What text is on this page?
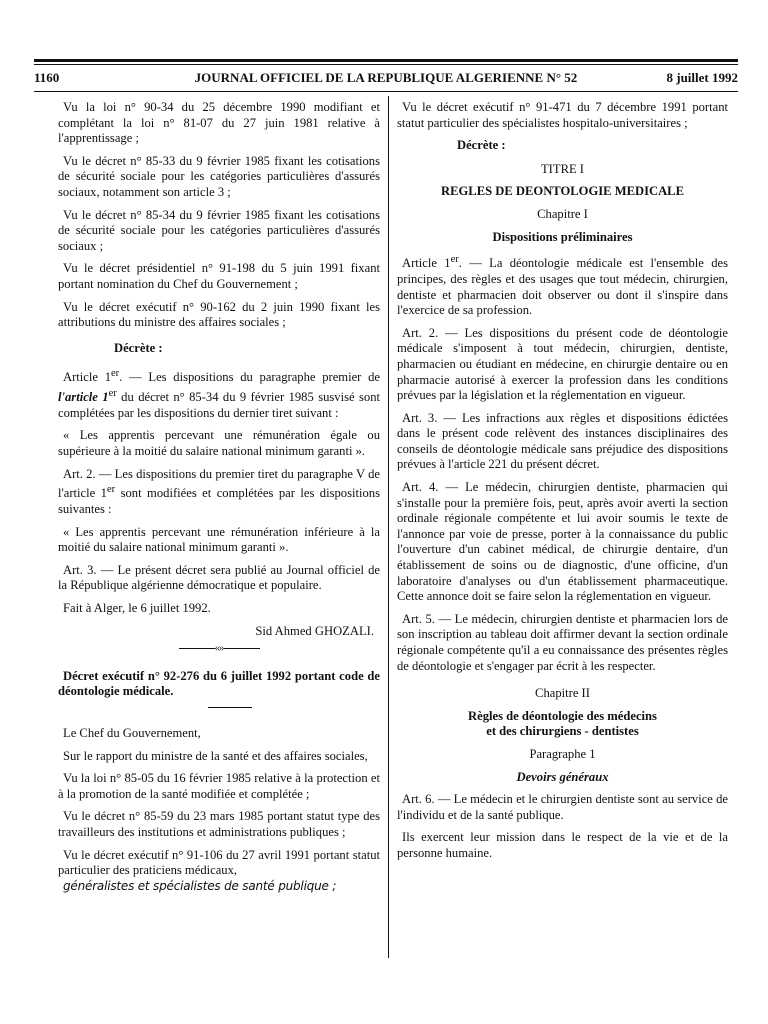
1160	JOURNAL OFFICIEL DE LA REPUBLIQUE ALGERIENNE N° 52	8 juillet 1992

Vu la loi n° 90-34 du 25 décembre 1990 modifiant et complétant la loi n° 81-07 du 27 juin 1981 relative à l'apprentissage ;

Vu le décret n° 85-33 du 9 février 1985 fixant les cotisations de sécurité sociale pour les catégories particulières d'assurés sociaux, notamment son article 3 ;

Vu le décret n° 85-34 du 9 février 1985 fixant les cotisations de sécurité sociale pour les catégories particulières d'assurés sociaux ;

Vu le décret présidentiel n° 91-198 du 5 juin 1991 fixant portant nomination du Chef du Gouvernement ;

Vu le décret exécutif n° 90-162 du 2 juin 1990 fixant les attributions du ministre des affaires sociales ;

Décrète :

Article 1er. — Les dispositions du paragraphe premier de l'article 1er du décret n° 85-34 du 9 février 1985 susvisé sont complétées par les dispositions du dernier tiret suivant :

« Les apprentis percevant une rémunération égale ou supérieure à la moitié du salaire national minimum garanti ».

Art. 2. — Les dispositions du premier tiret du paragraphe V de l'article 1er sont modifiées et complétées par les dispositions suivantes :

« Les apprentis percevant une rémunération inférieure à la moitié du salaire national minimum garanti ».

Art. 3. — Le présent décret sera publié au Journal officiel de la République algérienne démocratique et populaire.

Fait à Alger, le 6 juillet 1992.

Sid Ahmed GHOZALI.
«»

Décret exécutif n° 92-276 du 6 juillet 1992 portant code de déontologie médicale.

Le Chef du Gouvernement,

Sur le rapport du ministre de la santé et des affaires sociales,

Vu la loi n° 85-05 du 16 février 1985 relative à la protection et à la promotion de la santé modifiée et complétée ;

Vu le décret n° 85-59 du 23 mars 1985 portant statut type des travailleurs des institutions et administrations publiques ;

Vu le décret exécutif n° 91-106 du 27 avril 1991 portant statut particulier des praticiens médicaux,

généralistes et spécialistes de santé publique ;

Vu le décret exécutif n° 91-471 du 7 décembre 1991 portant statut particulier des spécialistes hospitalo-universitaires ;

Décrète :
TITRE I
REGLES DE DEONTOLOGIE MEDICALE
Chapitre I
Dispositions préliminaires

Article 1er. — La déontologie médicale est l'ensemble des principes, des règles et des usages que tout médecin, chirurgien, dentiste et pharmacien doit observer ou dont il s'inspire dans l'exercice de sa profession.

Art. 2. — Les dispositions du présent code de déontologie médicale s'imposent à tout médecin, chirurgien, dentiste, pharmacien ou étudiant en médecine, en chirurgie dentaire ou en pharmacie autorisé à exercer la profession dans les conditions prévues par la législation et la réglementation en vigueur.

Art. 3. — Les infractions aux règles et dispositions édictées dans le présent code relèvent des instances disciplinaires des conseils de déontologie médicale sans préjudice des dispositions prévues à l'article 221 du présent décret.

Art. 4. — Le médecin, chirurgien dentiste, pharmacien qui s'installe pour la première fois, peut, après avoir averti la section ordinale régionale compétente et lui avoir soumis le texte de l'annonce par voie de presse, porter à la connaissance du public l'ouverture d'un cabinet médical, de chirurgie dentaire, d'un établissement de soins ou de diagnostic, d'une officine, d'un laboratoire d'analyses ou d'un établissement pharmaceutique. Cette annonce doit se faire selon la réglementation en vigueur.

Art. 5. — Le médecin, chirurgien dentiste et pharmacien lors de son inscription au tableau doit affirmer devant la section ordinale régionale compétente qu'il a eu connaissance des présentes règles de déontologie et s'engager par écrit à les respecter.

Chapitre II
Règles de déontologie des médecins
et des chirurgiens - dentistes
Paragraphe 1
Devoirs généraux

Art. 6. — Le médecin et le chirurgien dentiste sont au service de l'individu et de la santé publique.

Ils exercent leur mission dans le respect de la vie et de la personne humaine.
